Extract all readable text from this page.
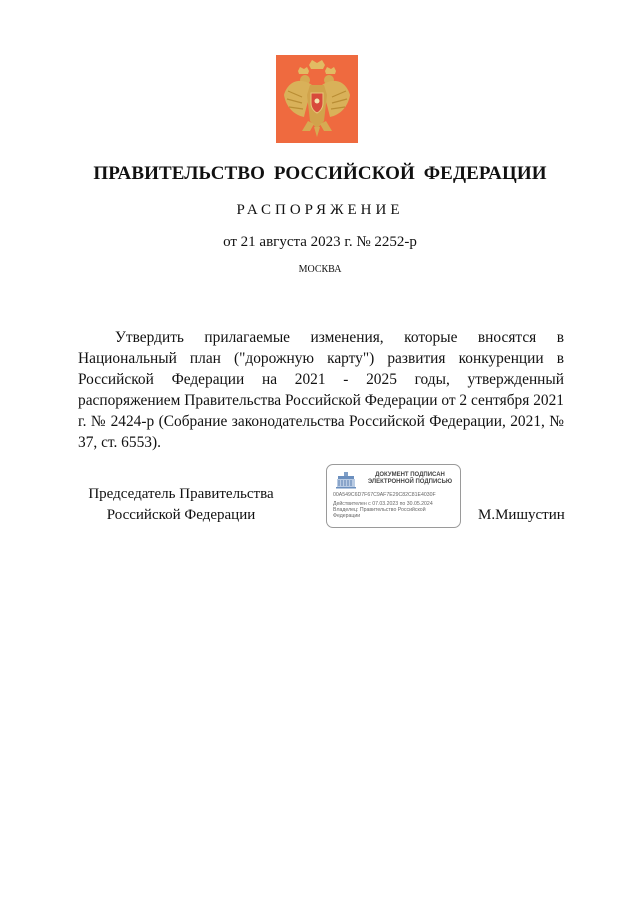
ПРАВИТЕЛЬСТВО РОССИЙСКОЙ ФЕДЕРАЦИИ
РАСПОРЯЖЕНИЕ
от 21 августа 2023 г. № 2252-р
МОСКВА

Утвердить прилагаемые изменения, которые вносятся в Национальный план ("дорожную карту") развития конкуренции в Российской Федерации на 2021 - 2025 годы, утвержденный распоряжением Правительства Российской Федерации от 2 сентября 2021 г. № 2424-р (Собрание законодательства Российской Федерации, 2021, № 37, ст. 6553).

Председатель Правительства
Российской Федерации
ДОКУМЕНТ ПОДПИСАН
ЭЛЕКТРОННОЙ ПОДПИСЬЮ
00A549C6D7F67C9AF7E29C82C81E4030F
Действителен с 07.03.2023 по 30.05.2024
Владелец: Правительство Российской
Федерации	М.Мишустин
